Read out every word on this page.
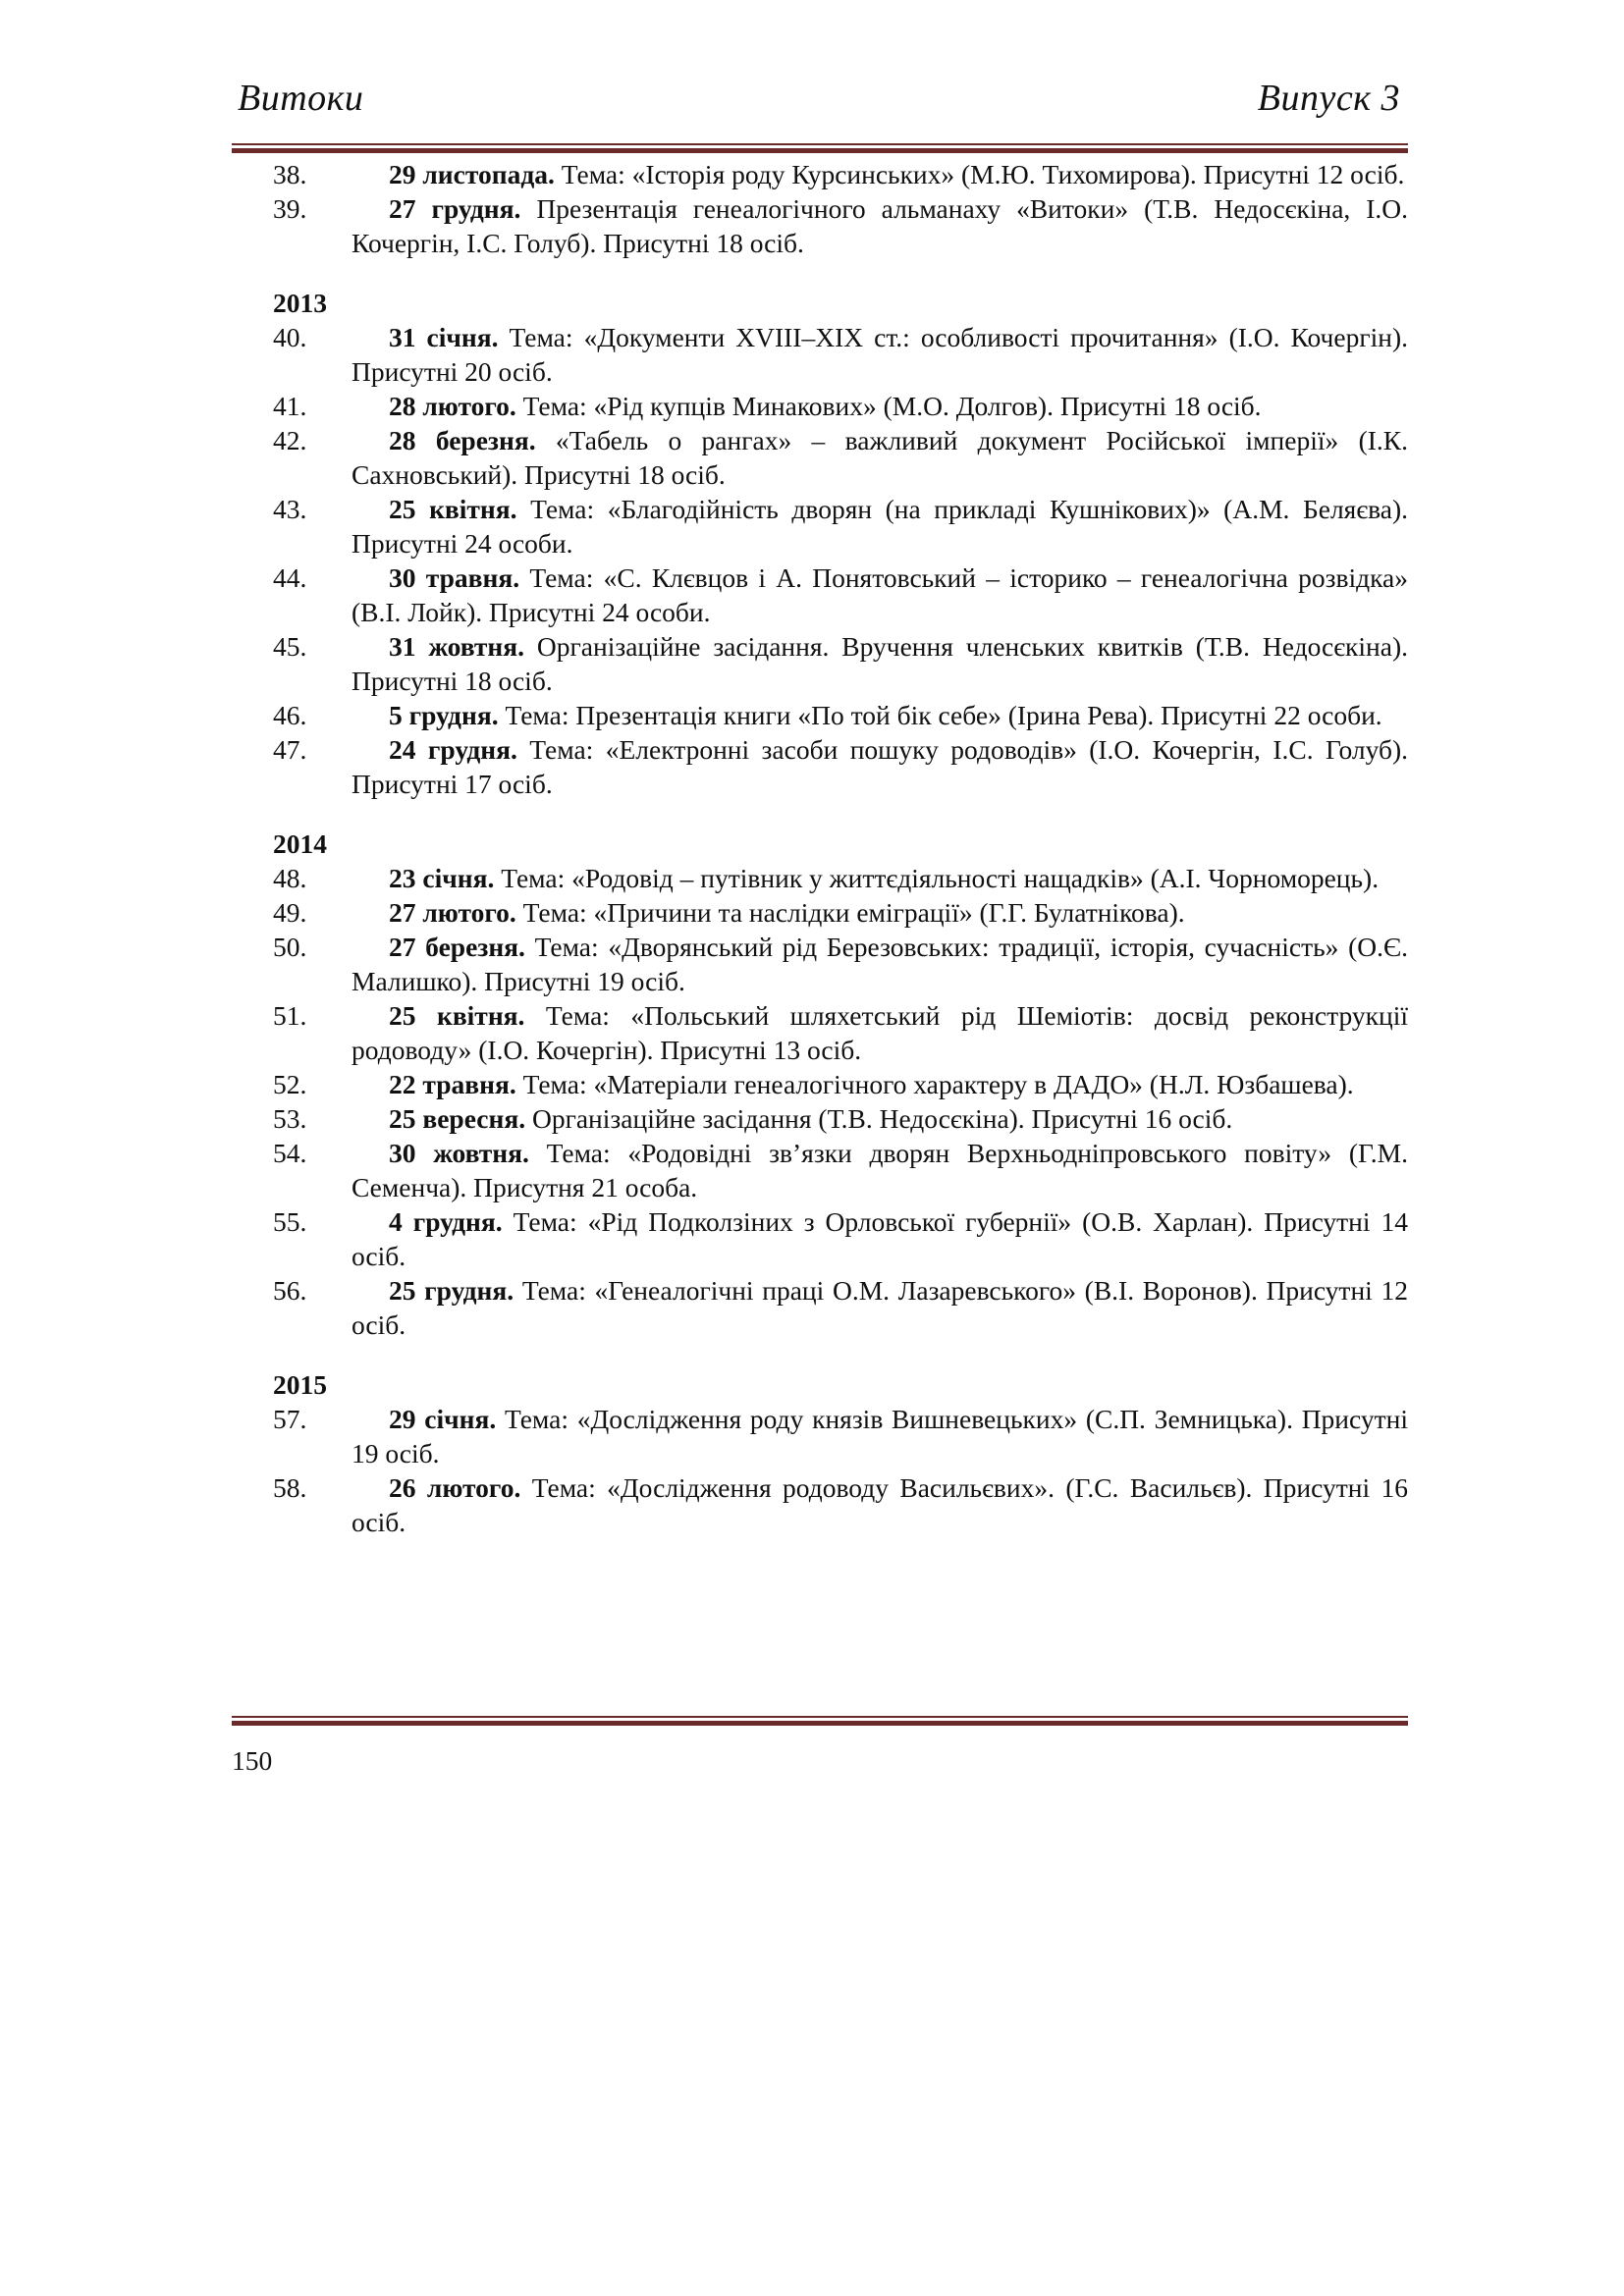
Витоки	Випуск 3
38.	29 листопада. Тема: «Історія роду Курсинських» (М.Ю. Тихомирова). Присутні 12 осіб.
39.	27 грудня. Презентація генеалогічного альманаху «Витоки» (Т.В. Недосєкіна, І.О. Кочергін, І.С. Голуб). Присутні 18 осіб.
2013
40.	31 січня. Тема: «Документи XVIII–XIX ст.: особливості прочитання» (І.О. Кочергін). Присутні 20 осіб.
41.	28 лютого. Тема: «Рід купців Минакових» (М.О. Долгов). Присутні 18 осіб.
42.	28 березня. «Табель о рангах» – важливий документ Російської імперії» (І.К. Сахновський). Присутні 18 осіб.
43.	25 квітня. Тема: «Благодійність дворян (на прикладі Кушнікових)» (А.М. Беляєва). Присутні 24 особи.
44.	30 травня. Тема: «С. Клєвцов і А. Понятовський – історико – генеалогічна розвідка» (В.І. Лойк). Присутні 24 особи.
45.	31 жовтня. Організаційне засідання. Вручення членських квитків (Т.В. Недосєкіна). Присутні 18 осіб.
46.	5 грудня. Тема: Презентація книги «По той бік себе» (Ірина Рева). Присутні 22 особи.
47.	24 грудня. Тема: «Електронні засоби пошуку родоводів» (І.О. Кочергін, І.С. Голуб). Присутні 17 осіб.
2014
48.	23 січня. Тема: «Родовід – путівник у життєдіяльності нащадків» (А.І. Чорноморець).
49.	27 лютого. Тема: «Причини та наслідки еміграції» (Г.Г. Булатнікова).
50.	27 березня. Тема: «Дворянський рід Березовських: традиції, історія, сучасність» (О.Є. Малишко). Присутні 19 осіб.
51.	25 квітня. Тема: «Польський шляхетський рід Шеміотів: досвід реконструкції родоводу» (І.О. Кочергін). Присутні 13 осіб.
52.	22 травня. Тема: «Матеріали генеалогічного характеру в ДАДО» (Н.Л. Юзбашева).
53.	25 вересня. Організаційне засідання (Т.В. Недосєкіна). Присутні 16 осіб.
54.	30 жовтня. Тема: «Родовідні зв’язки дворян Верхньодніпровського повіту» (Г.М. Семенча). Присутня 21 особа.
55.	4 грудня. Тема: «Рід Подколзіних з Орловської губернії» (О.В. Харлан). Присутні 14 осіб.
56.	25 грудня. Тема: «Генеалогічні праці О.М. Лазаревського» (В.І. Воронов). Присутні 12 осіб.
2015
57.	29 січня. Тема: «Дослідження роду князів Вишневецьких» (С.П. Земницька). Присутні 19 осіб.
58.	26 лютого. Тема: «Дослідження родоводу Васильєвих». (Г.С. Васильєв). Присутні 16 осіб.
150
